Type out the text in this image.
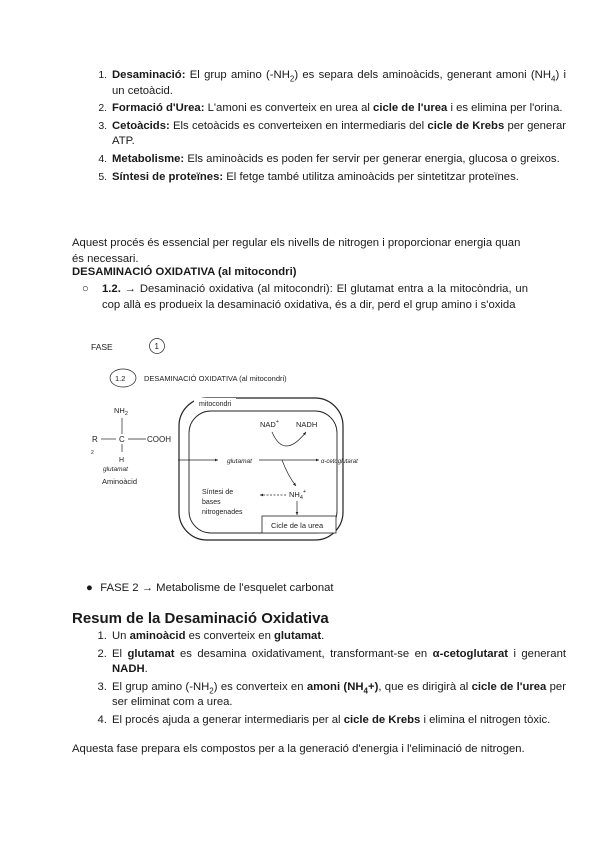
1. Desaminació: El grup amino $(-NH_2)$ es separa dels aminoàcids, generant amoni $(NH_4)$ i un cetoàcid.
2. Formació d'Urea: L'amoni es converteix en urea al cicle de l'urea i es elimina per l'orina.
3. Cetoàcids: Els cetoàcids es converteixen en intermediaris del cicle de Krebs per generar ATP.
4. Metabolisme: Els aminoàcids es poden fer servir per generar energia, glucosa o greixos.
5. Síntesi de proteïnes: El fetge també utilitza aminoàcids per sintetitzar proteïnes.
Aquest procés és essencial per regular els nivells de nitrogen i proporcionar energia quan és necessari.
DESAMINACIÓ OXIDATIVA (al mitocondri)
○	1.2. → Desaminació oxidativa (al mitocondri): El glutamat entra a la mitocòndria, un cop allà es produeix la desaminació oxidativa, és a dir, perd el grup amino i s'oxida
FASE	1
1.2 DESAMINACIÓ OXIDATIVA (al mitocondri)
mitocondri
$NH_2$
R	C	COOH
2
H
glutamat
Aminoàcid
NAD+ NADH
glutamat	α-cetoglutarat
$NH_4^+$
Síntesi de
bases
nitrogenades
Cicle de la urea
● FASE 2 → Metabolisme de l'esquelet carbonat
Resum de la Desaminació Oxidativa
1. Un aminoàcid es converteix en glutamat.
2. El glutamat es desamina oxidativament, transformant-se en α-cetoglutarat i generant NADH.
3. El grup amino $(-NH_2)$ es converteix en amoni $(NH_4+)$, que es dirigirà al cicle de l'urea per ser eliminat com a urea.
4. El procés ajuda a generar intermediaris per al cicle de Krebs i elimina el nitrogen tòxic.
Aquesta fase prepara els compostos per a la generació d'energia i l'eliminació de nitrogen.
